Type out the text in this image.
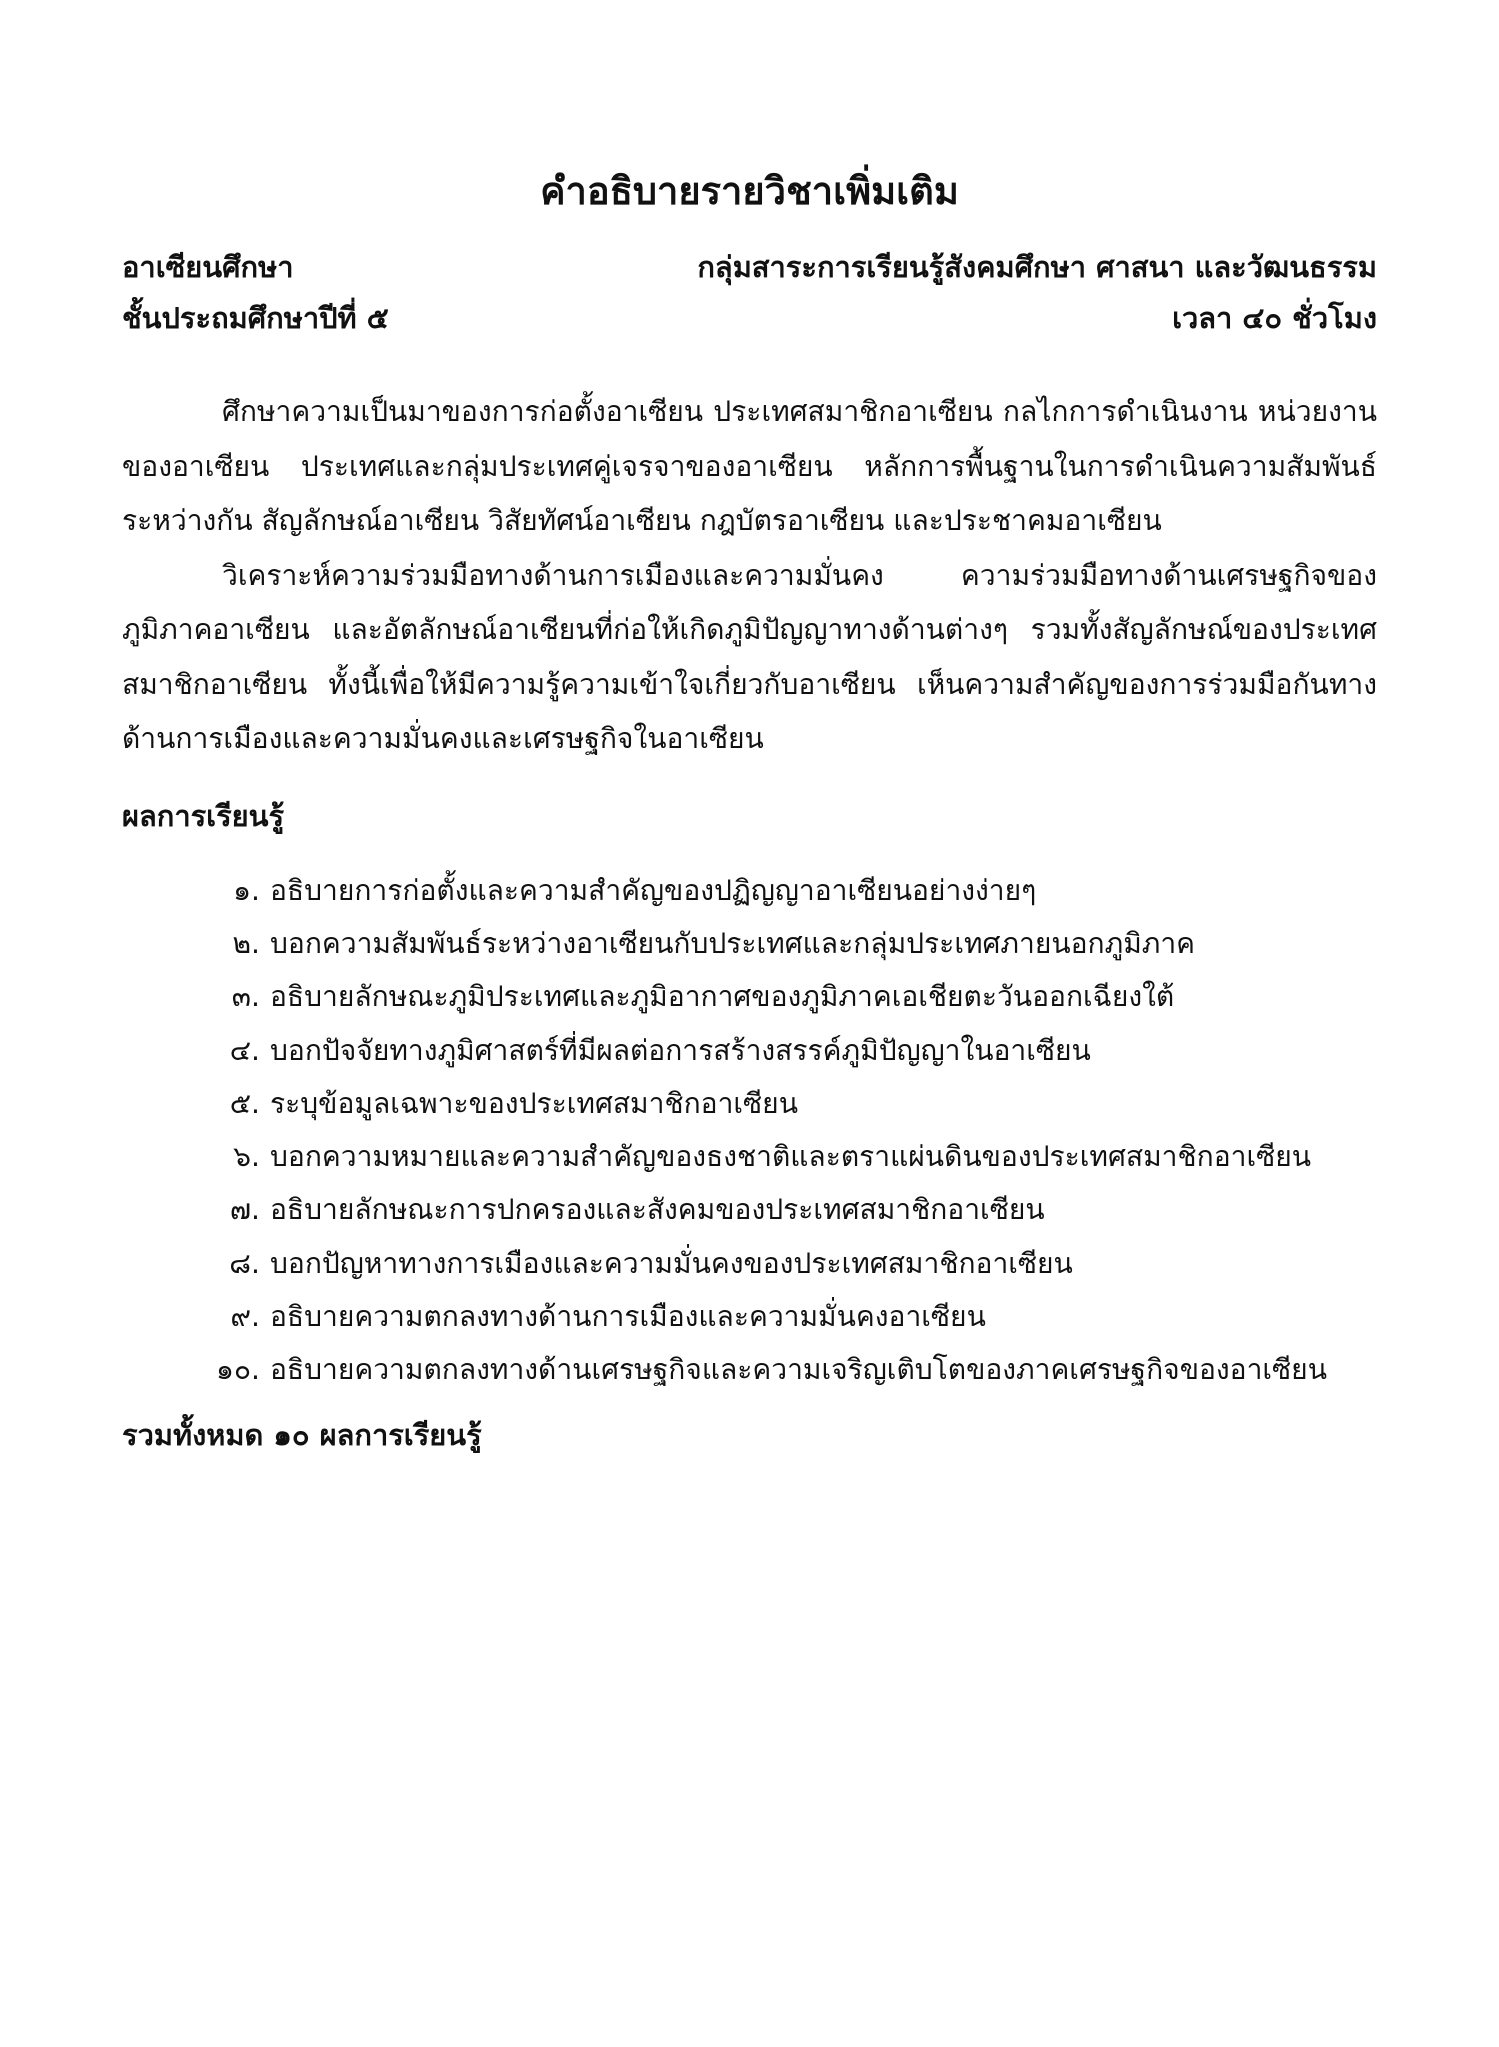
คำอธิบายรายวิชาเพิ่มเติม
อาเซียนศึกษา	กลุ่มสาระการเรียนรู้สังคมศึกษา ศาสนา และวัฒนธรรม
ชั้นประถมศึกษาปีที่ ๕	เวลา ๔๐ ชั่วโมง

ศึกษาความเป็นมาของการก่อตั้งอาเซียน ประเทศสมาชิกอาเซียน กลไกการดำเนินงาน หน่วยงานของอาเซียน ประเทศและกลุ่มประเทศคู่เจรจาของอาเซียน หลักการพื้นฐานในการดำเนินความสัมพันธ์ระหว่างกัน สัญลักษณ์อาเซียน วิสัยทัศน์อาเซียน กฎบัตรอาเซียน และประชาคมอาเซียน

วิเคราะห์ความร่วมมือทางด้านการเมืองและความมั่นคง ความร่วมมือทางด้านเศรษฐกิจของภูมิภาคอาเซียน และอัตลักษณ์อาเซียนที่ก่อให้เกิดภูมิปัญญาทางด้านต่างๆ รวมทั้งสัญลักษณ์ของประเทศสมาชิกอาเซียน ทั้งนี้เพื่อให้มีความรู้ความเข้าใจเกี่ยวกับอาเซียน เห็นความสำคัญของการร่วมมือกันทางด้านการเมืองและความมั่นคงและเศรษฐกิจในอาเซียน

ผลการเรียนรู้
๑. อธิบายการก่อตั้งและความสำคัญของปฏิญญาอาเซียนอย่างง่ายๆ
๒. บอกความสัมพันธ์ระหว่างอาเซียนกับประเทศและกลุ่มประเทศภายนอกภูมิภาค
๓. อธิบายลักษณะภูมิประเทศและภูมิอากาศของภูมิภาคเอเชียตะวันออกเฉียงใต้
๔. บอกปัจจัยทางภูมิศาสตร์ที่มีผลต่อการสร้างสรรค์ภูมิปัญญาในอาเซียน
๕. ระบุข้อมูลเฉพาะของประเทศสมาชิกอาเซียน
๖. บอกความหมายและความสำคัญของธงชาติและตราแผ่นดินของประเทศสมาชิกอาเซียน
๗. อธิบายลักษณะการปกครองและสังคมของประเทศสมาชิกอาเซียน
๘. บอกปัญหาทางการเมืองและความมั่นคงของประเทศสมาชิกอาเซียน
๙. อธิบายความตกลงทางด้านการเมืองและความมั่นคงอาเซียน
๑๐. อธิบายความตกลงทางด้านเศรษฐกิจและความเจริญเติบโตของภาคเศรษฐกิจของอาเซียน
รวมทั้งหมด ๑๐ ผลการเรียนรู้
